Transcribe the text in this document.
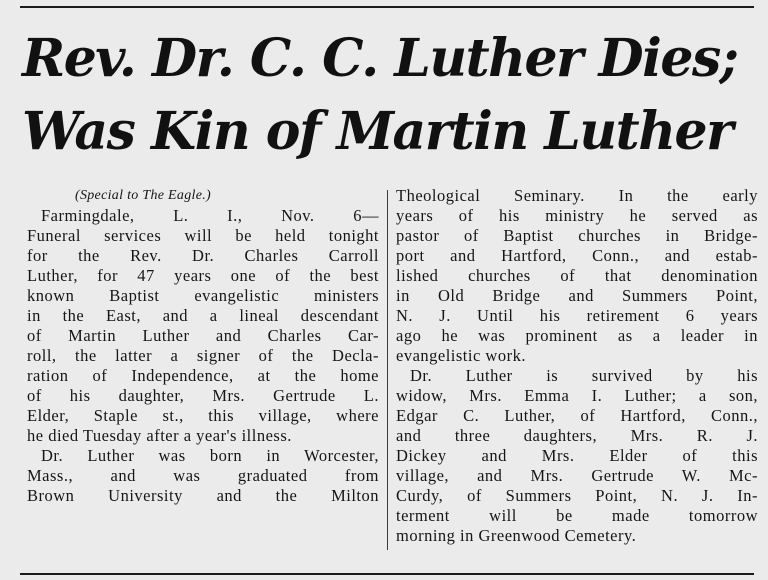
Rev. Dr. C. C. Luther Dies;
Was Kin of Martin Luther
(Special to The Eagle.)
Farmingdale, L. I., Nov. 6—
Funeral services will be held tonight
for the Rev. Dr. Charles Carroll
Luther, for 47 years one of the best
known Baptist evangelistic ministers
in the East, and a lineal descendant
of Martin Luther and Charles Car-
roll, the latter a signer of the Decla-
ration of Independence, at the home
of his daughter, Mrs. Gertrude L.
Elder, Staple st., this village, where
he died Tuesday after a year's illness.
Dr. Luther was born in Worcester,
Mass., and was graduated from
Brown University and the Milton
Theological Seminary. In the early
years of his ministry he served as
pastor of Baptist churches in Bridge-
port and Hartford, Conn., and estab-
lished churches of that denomination
in Old Bridge and Summers Point,
N. J. Until his retirement 6 years
ago he was prominent as a leader in
evangelistic work.
Dr. Luther is survived by his
widow, Mrs. Emma I. Luther; a son,
Edgar C. Luther, of Hartford, Conn.,
and three daughters, Mrs. R. J.
Dickey and Mrs. Elder of this
village, and Mrs. Gertrude W. Mc-
Curdy, of Summers Point, N. J. In-
terment will be made tomorrow
morning in Greenwood Cemetery.
